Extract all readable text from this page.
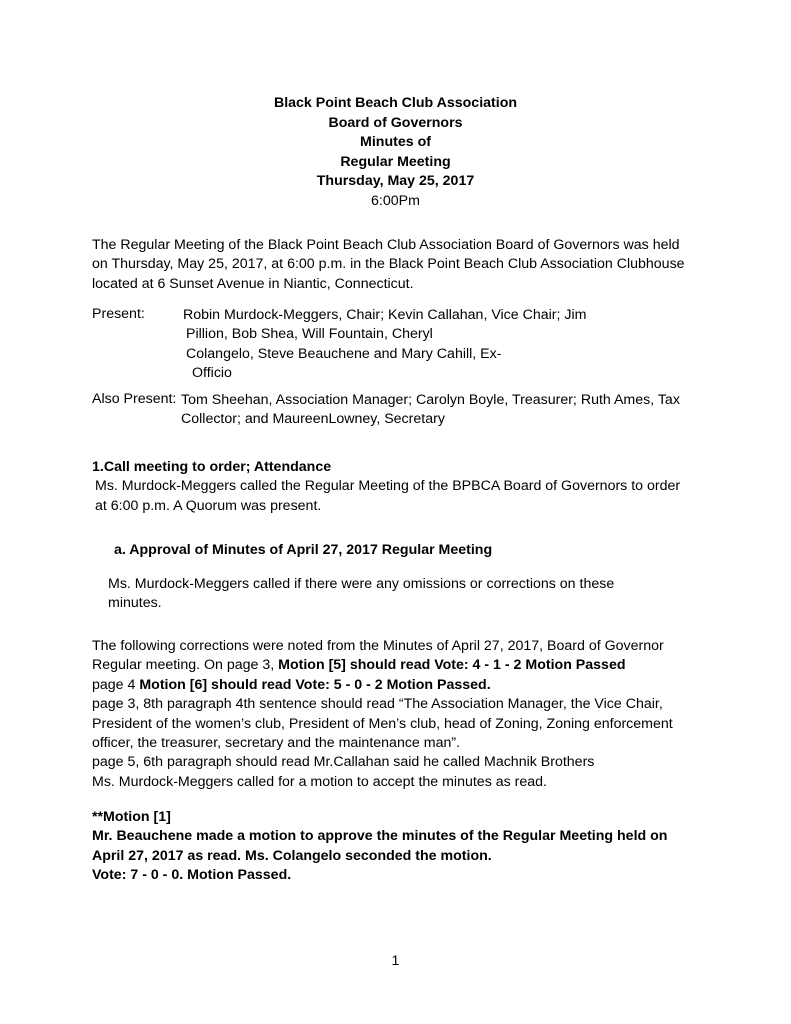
Black Point Beach Club Association
Board of Governors
Minutes of
Regular Meeting
Thursday, May 25, 2017
6:00Pm
The Regular Meeting of the Black Point Beach Club Association Board of Governors was held
on Thursday, May 25, 2017, at 6:00 p.m. in the Black Point Beach Club Association Clubhouse
located at 6 Sunset Avenue in Niantic, Connecticut.
Present:	Robin Murdock-Meggers, Chair; Kevin Callahan, Vice Chair; Jim
Pillion, Bob Shea, Will Fountain, Cheryl
Colangelo, Steve Beauchene and Mary Cahill, Ex-
Officio
Also Present: Tom Sheehan, Association Manager; Carolyn Boyle, Treasurer; Ruth Ames, Tax
Collector; and MaureenLowney, Secretary
1.Call meeting to order; Attendance
Ms. Murdock-Meggers called the Regular Meeting of the BPBCA Board of Governors to order
at 6:00 p.m. A Quorum was present.
a. Approval of Minutes of April 27, 2017 Regular Meeting
Ms. Murdock-Meggers called if there were any omissions or corrections on these
minutes.
The following corrections were noted from the Minutes of April 27, 2017, Board of Governor
Regular meeting. On page 3, Motion [5] should read Vote: 4 - 1 - 2 Motion Passed
page 4 Motion [6] should read Vote: 5 - 0 - 2 Motion Passed.
page 3, 8th paragraph 4th sentence should read “The Association Manager, the Vice Chair,
President of the women’s club, President of Men’s club, head of Zoning, Zoning enforcement
officer, the treasurer, secretary and the maintenance man”.
page 5, 6th paragraph should read Mr.Callahan said he called Machnik Brothers
Ms. Murdock-Meggers called for a motion to accept the minutes as read.
**Motion [1]
Mr. Beauchene made a motion to approve the minutes of the Regular Meeting held on
April 27, 2017 as read. Ms. Colangelo seconded the motion.
Vote: 7 - 0 - 0. Motion Passed.
1
